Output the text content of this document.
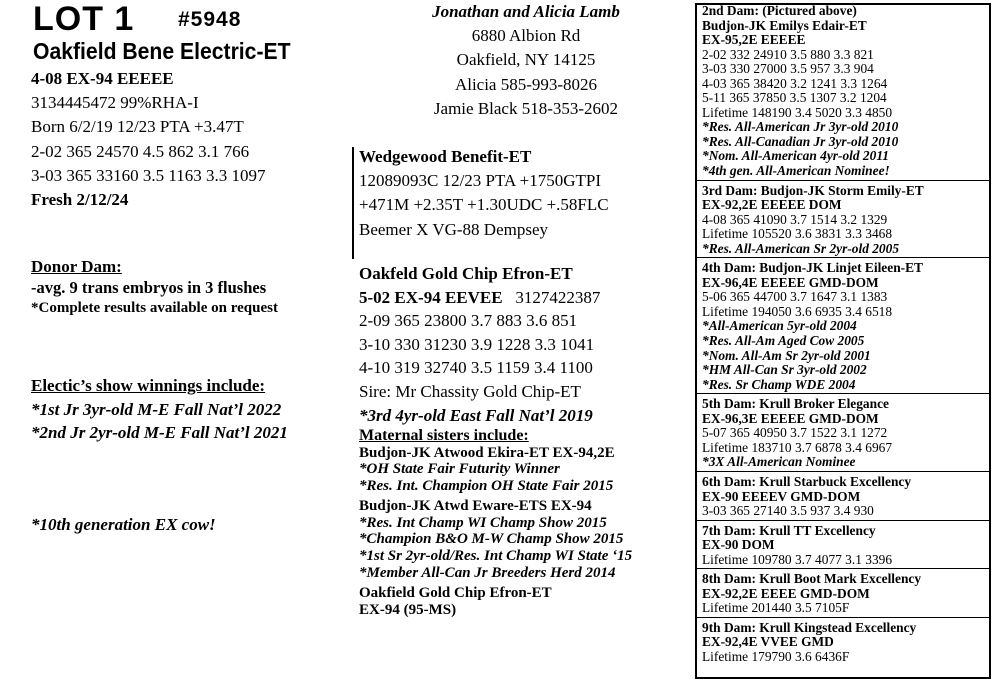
LOT 1 #5948
Oakfield Bene Electric-ET
4-08 EX-94 EEEEE
3134445472 99%RHA-I
Born 6/2/19 12/23 PTA +3.47T
2-02 365 24570 4.5 862 3.1 766
3-03 365 33160 3.5 1163 3.3 1097
Fresh 2/12/24
Donor Dam:
-avg. 9 trans embryos in 3 flushes
*Complete results available on request
Electic’s show winnings include:
*1st Jr 3yr-old M-E Fall Nat’l 2022
*2nd Jr 2yr-old M-E Fall Nat’l 2021
*10th generation EX cow!
Jonathan and Alicia Lamb
6880 Albion Rd
Oakfield, NY 14125
Alicia 585-993-8026
Jamie Black 518-353-2602
Wedgewood Benefit-ET
12089093C 12/23 PTA +1750GTPI
+471M +2.35T +1.30UDC +.58FLC
Beemer X VG-88 Dempsey
Oakfeld Gold Chip Efron-ET
5-02 EX-94 EEVEE 3127422387
2-09 365 23800 3.7 883 3.6 851
3-10 330 31230 3.9 1228 3.3 1041
4-10 319 32740 3.5 1159 3.4 1100
Sire: Mr Chassity Gold Chip-ET
*3rd 4yr-old East Fall Nat’l 2019
Maternal sisters include:
Budjon-JK Atwood Ekira-ET EX-94,2E
*OH State Fair Futurity Winner
*Res. Int. Champion OH State Fair 2015
Budjon-JK Atwd Eware-ETS EX-94
*Res. Int Champ WI Champ Show 2015
*Champion B&O M-W Champ Show 2015
*1st Sr 2yr-old/Res. Int Champ WI State ‘15
*Member All-Can Jr Breeders Herd 2014
Oakfield Gold Chip Efron-ET
EX-94 (95-MS)
2nd Dam: (Pictured above)
Budjon-JK Emilys Edair-ET
EX-95,2E EEEEE
2-02 332 24910 3.5 880 3.3 821
3-03 330 27000 3.5 957 3.3 904
4-03 365 38420 3.2 1241 3.3 1264
5-11 365 37850 3.5 1307 3.2 1204
Lifetime 148190 3.4 5020 3.3 4850
*Res. All-American Jr 3yr-old 2010
*Res. All-Canadian Jr 3yr-old 2010
*Nom. All-American 4yr-old 2011
*4th gen. All-American Nominee!
3rd Dam: Budjon-JK Storm Emily-ET
EX-92,2E EEEEE DOM
4-08 365 41090 3.7 1514 3.2 1329
Lifetime 105520 3.6 3831 3.3 3468
*Res. All-American Sr 2yr-old 2005
4th Dam: Budjon-JK Linjet Eileen-ET
EX-96,4E EEEEE GMD-DOM
5-06 365 44700 3.7 1647 3.1 1383
Lifetime 194050 3.6 6935 3.4 6518
*All-American 5yr-old 2004
*Res. All-Am Aged Cow 2005
*Nom. All-Am Sr 2yr-old 2001
*HM All-Can Sr 3yr-old 2002
*Res. Sr Champ WDE 2004
5th Dam: Krull Broker Elegance
EX-96,3E EEEEE GMD-DOM
5-07 365 40950 3.7 1522 3.1 1272
Lifetime 183710 3.7 6878 3.4 6967
*3X All-American Nominee
6th Dam: Krull Starbuck Excellency
EX-90 EEEEV GMD-DOM
3-03 365 27140 3.5 937 3.4 930
7th Dam: Krull TT Excellency
EX-90 DOM
Lifetime 109780 3.7 4077 3.1 3396
8th Dam: Krull Boot Mark Excellency
EX-92,2E EEEE GMD-DOM
Lifetime 201440 3.5 7105F
9th Dam: Krull Kingstead Excellency
EX-92,4E VVEE GMD
Lifetime 179790 3.6 6436F
